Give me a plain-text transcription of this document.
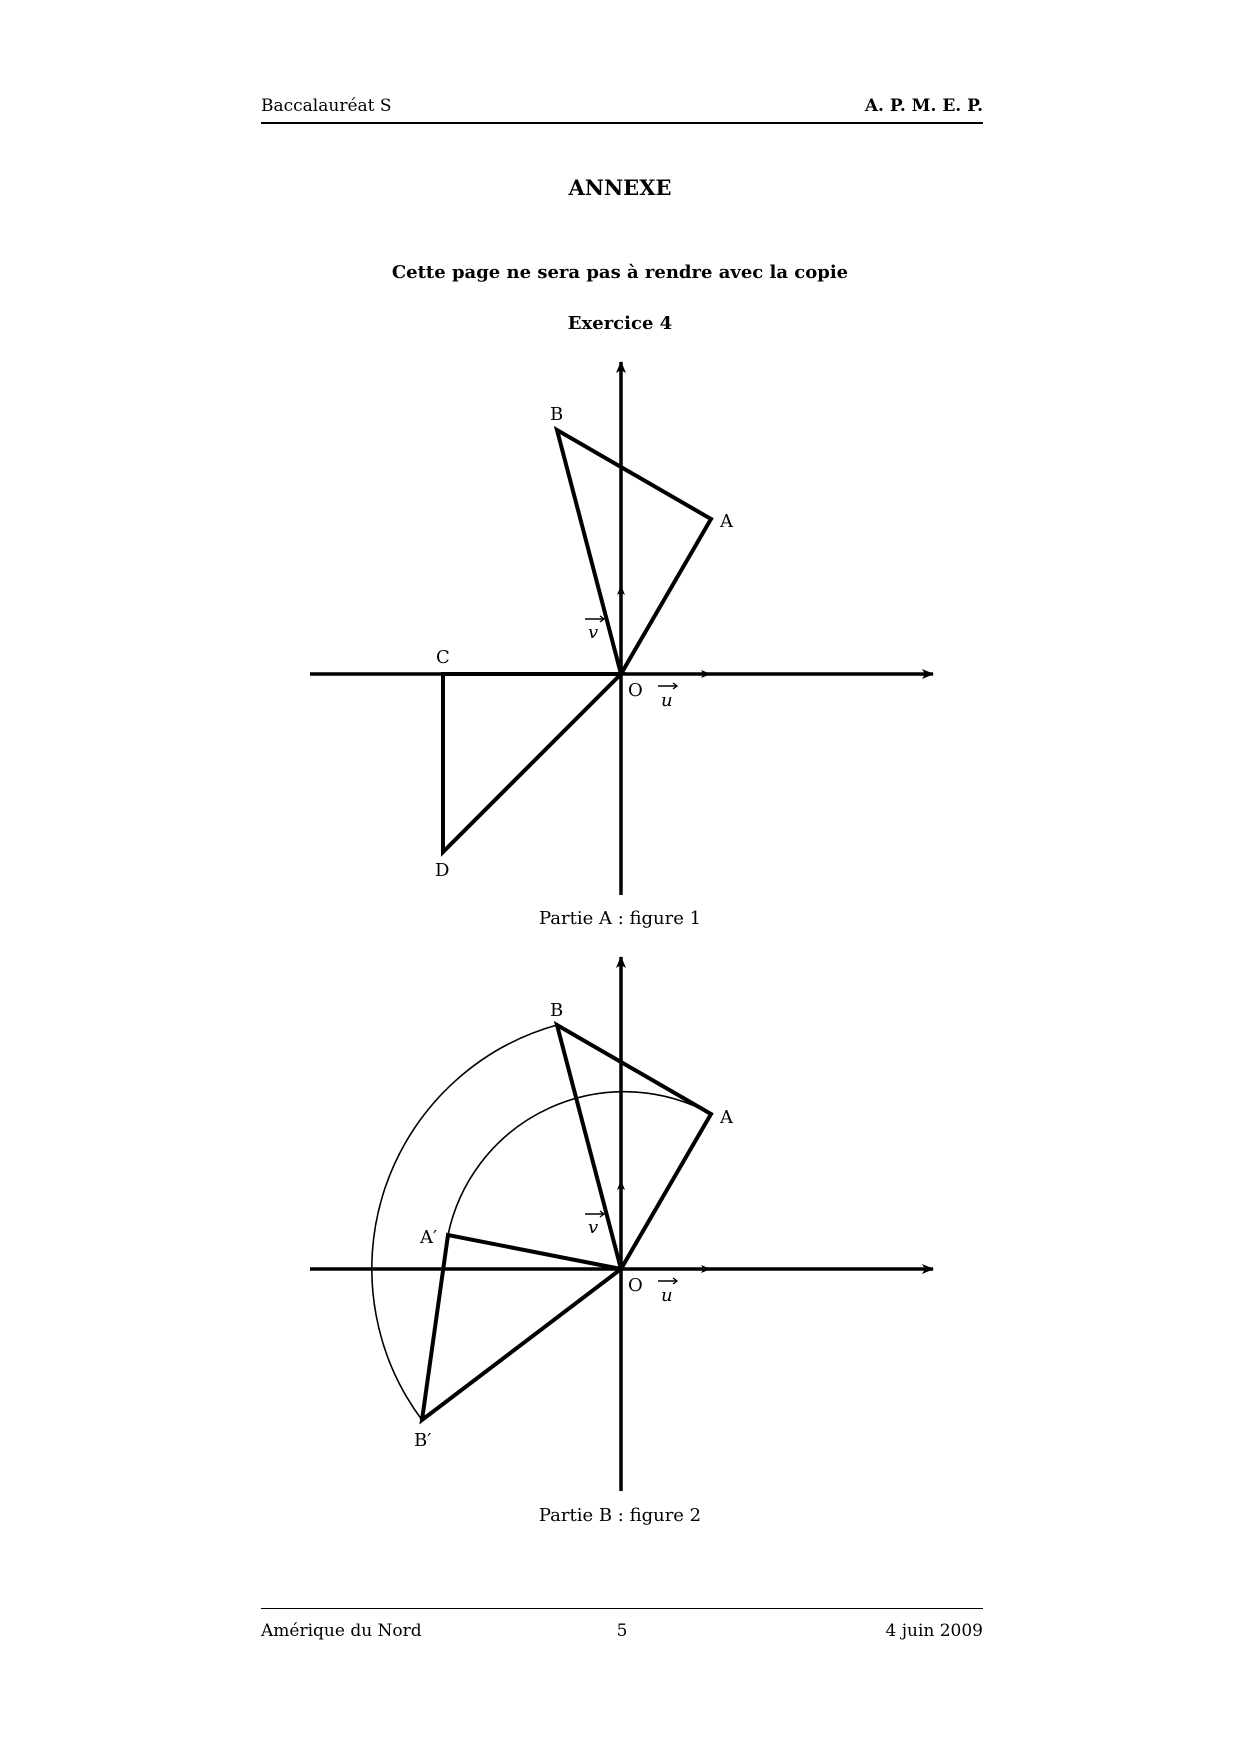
Baccalauréat S	A. P. M. E. P.
ANNEXE
Cette page ne sera pas à rendre avec la copie
Exercice 4
B
A
C
D
O u
v
B
A
A′
B′
O u
v
Partie A : figure 1
Partie B : figure 2
Amérique du Nord	5	4 juin 2009
